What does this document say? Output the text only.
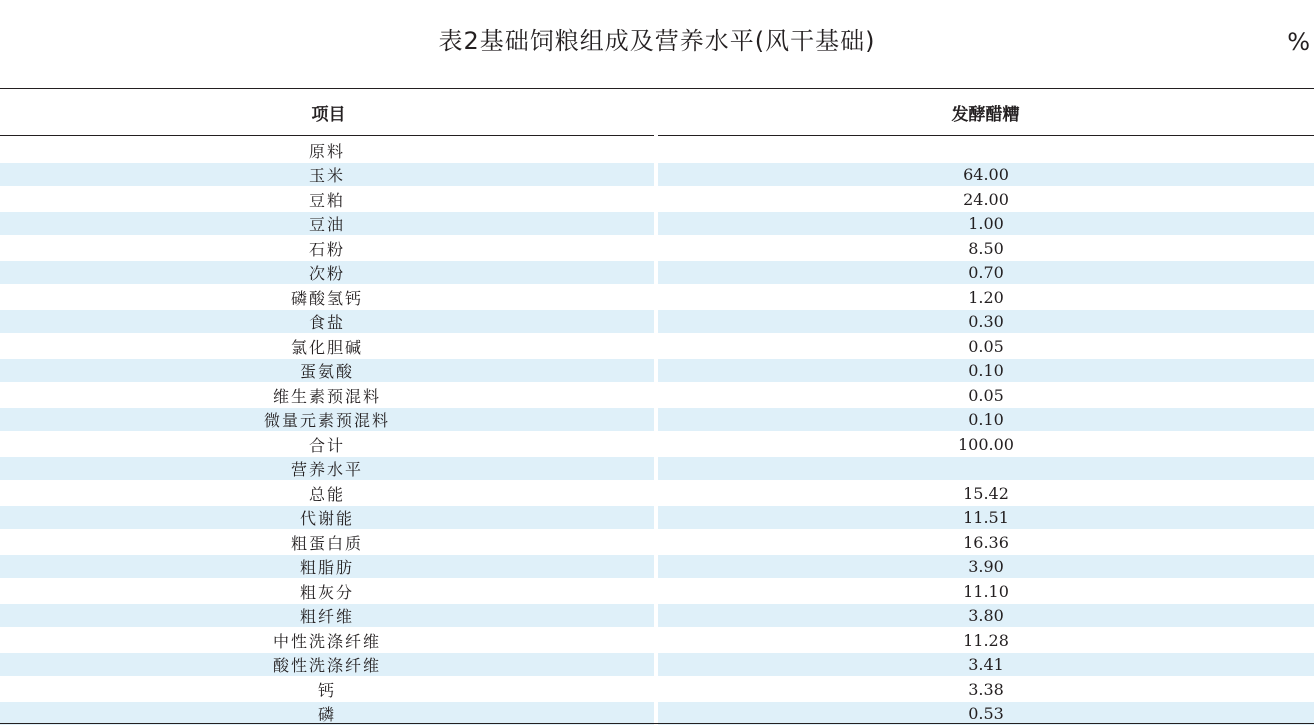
表2基础饲粮组成及营养水平(风干基础)	%
项目	发酵醋糟
原料
玉米	64.00
豆粕	24.00
豆油	1.00
石粉	8.50
次粉	0.70
磷酸氢钙	1.20
食盐	0.30
氯化胆碱	0.05
蛋氨酸	0.10
维生素预混料	0.05
微量元素预混料	0.10
合计	100.00
营养水平
总能	15.42
代谢能	11.51
粗蛋白质	16.36
粗脂肪	3.90
粗灰分	11.10
粗纤维	3.80
中性洗涤纤维	11.28
酸性洗涤纤维	3.41
钙	3.38
磷	0.53
